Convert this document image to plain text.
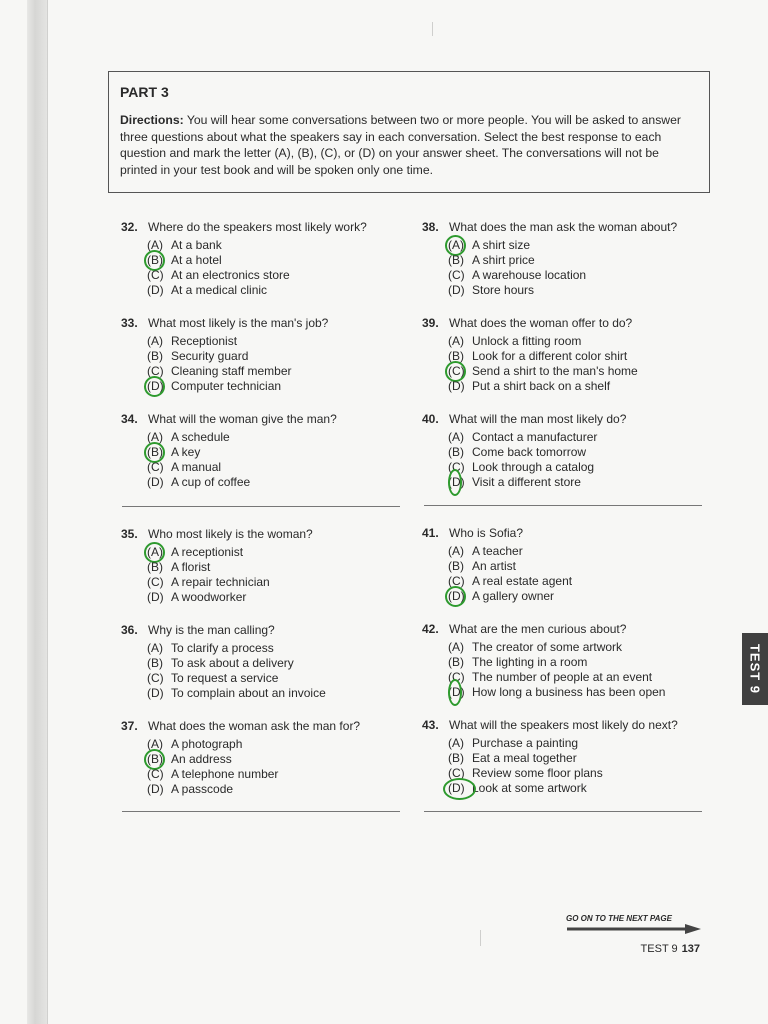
PART 3

Directions: You will hear some conversations between two or more people. You will be asked to answer three questions about what the speakers say in each conversation. Select the best response to each question and mark the letter (A), (B), (C), or (D) on your answer sheet. The conversations will not be printed in your test book and will be spoken only one time.

32. Where do the speakers most likely work?
(A) At a bank
(B) At a hotel
(C) At an electronics store
(D) At a medical clinic
33. What most likely is the man's job?
(A) Receptionist
(B) Security guard
(C) Cleaning staff member
(D) Computer technician
34. What will the woman give the man?
(A) A schedule
(B) A key
(C) A manual
(D) A cup of coffee
35. Who most likely is the woman?
(A) A receptionist
(B) A florist
(C) A repair technician
(D) A woodworker
36. Why is the man calling?
(A) To clarify a process
(B) To ask about a delivery
(C) To request a service
(D) To complain about an invoice
37. What does the woman ask the man for?
(A) A photograph
(B) An address
(C) A telephone number
(D) A passcode
38. What does the man ask the woman about?
(A) A shirt size
(B) A shirt price
(C) A warehouse location
(D) Store hours
39. What does the woman offer to do?
(A) Unlock a fitting room
(B) Look for a different color shirt
(C) Send a shirt to the man's home
(D) Put a shirt back on a shelf
40. What will the man most likely do?
(A) Contact a manufacturer
(B) Come back tomorrow
(C) Look through a catalog
(D) Visit a different store
41. Who is Sofia?
(A) A teacher
(B) An artist
(C) A real estate agent
(D) A gallery owner
42. What are the men curious about?
(A) The creator of some artwork
(B) The lighting in a room
(C) The number of people at an event
(D) How long a business has been open
43. What will the speakers most likely do next?
(A) Purchase a painting
(B) Eat a meal together
(C) Review some floor plans
(D) Look at some artwork
TEST 9
GO ON TO THE NEXT PAGE
TEST 9 137
